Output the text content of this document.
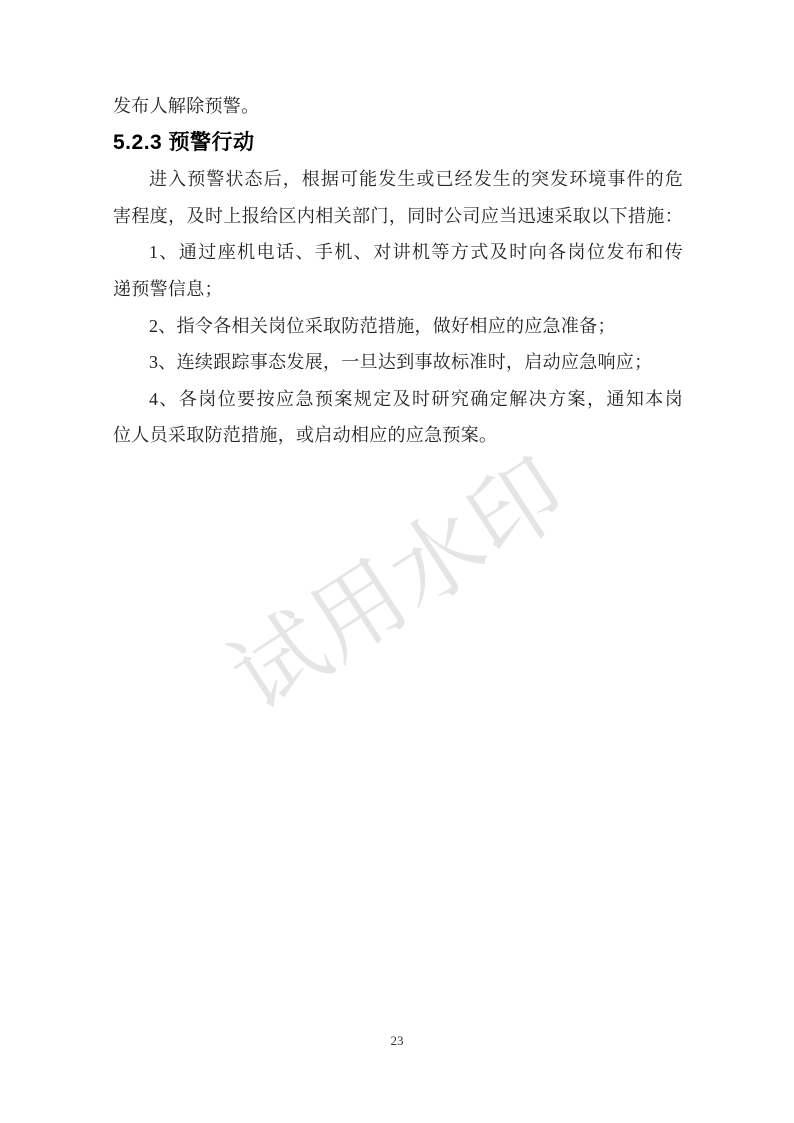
试用水印
发布人解除预警。
5.2.3 预警行动
进入预警状态后，根据可能发生或已经发生的突发环境事件的危
害程度，及时上报给区内相关部门，同时公司应当迅速采取以下措施：
1、通过座机电话、手机、对讲机等方式及时向各岗位发布和传
递预警信息；
2、指令各相关岗位采取防范措施，做好相应的应急准备；
3、连续跟踪事态发展，一旦达到事故标准时，启动应急响应；
4、各岗位要按应急预案规定及时研究确定解决方案，通知本岗
位人员采取防范措施，或启动相应的应急预案。
23
